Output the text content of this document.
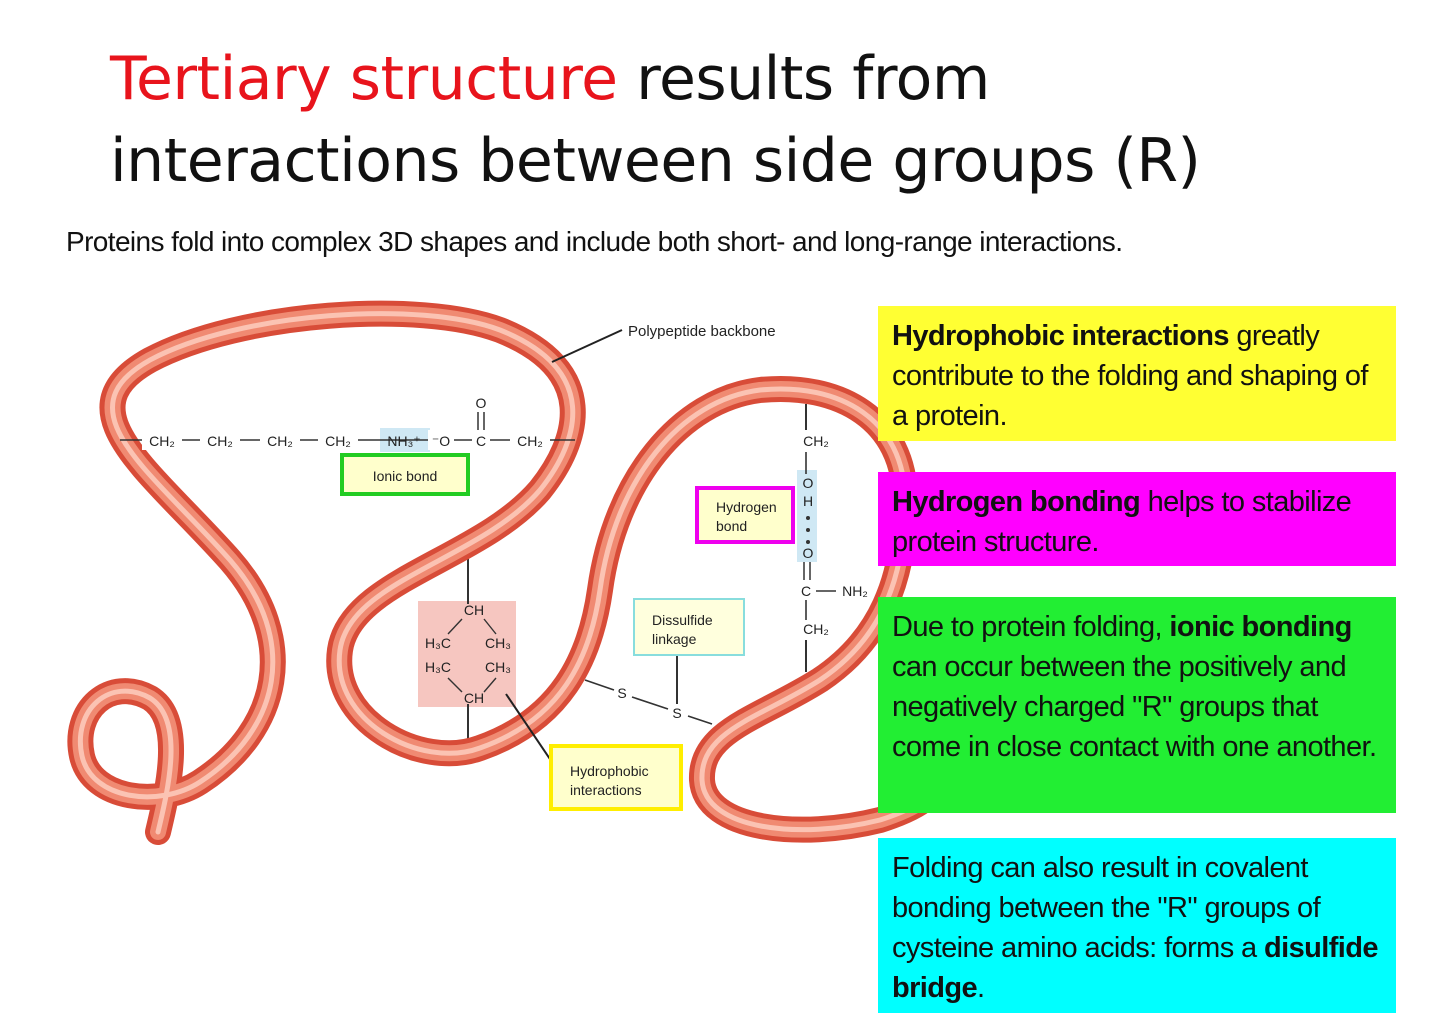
Tertiary structure results from interactions between side groups (R)
Proteins fold into complex 3D shapes and include both short- and long-range interactions.
Polypeptide backbone
CH₂ CH₂ CH₂ CH₂	NH₃⁺ ⁻O C CH₂
O
Ionic bond
CH₂
O
H
O
C NH₂
CH₂
Hydrogen
bond
CH
H₃C CH₃
H₃C CH₃
CH
Hydrophobic
interactions
S
S
Dissulfide
linkage
Hydrophobic interactions greatly contribute to the folding and shaping of a protein.
Hydrogen bonding helps to stabilize protein structure.
Due to protein folding, ionic bonding can occur between the positively and negatively charged "R" groups that come in close contact with one another.
Folding can also result in covalent bonding between the "R" groups of cysteine amino acids: forms a disulfide bridge.
